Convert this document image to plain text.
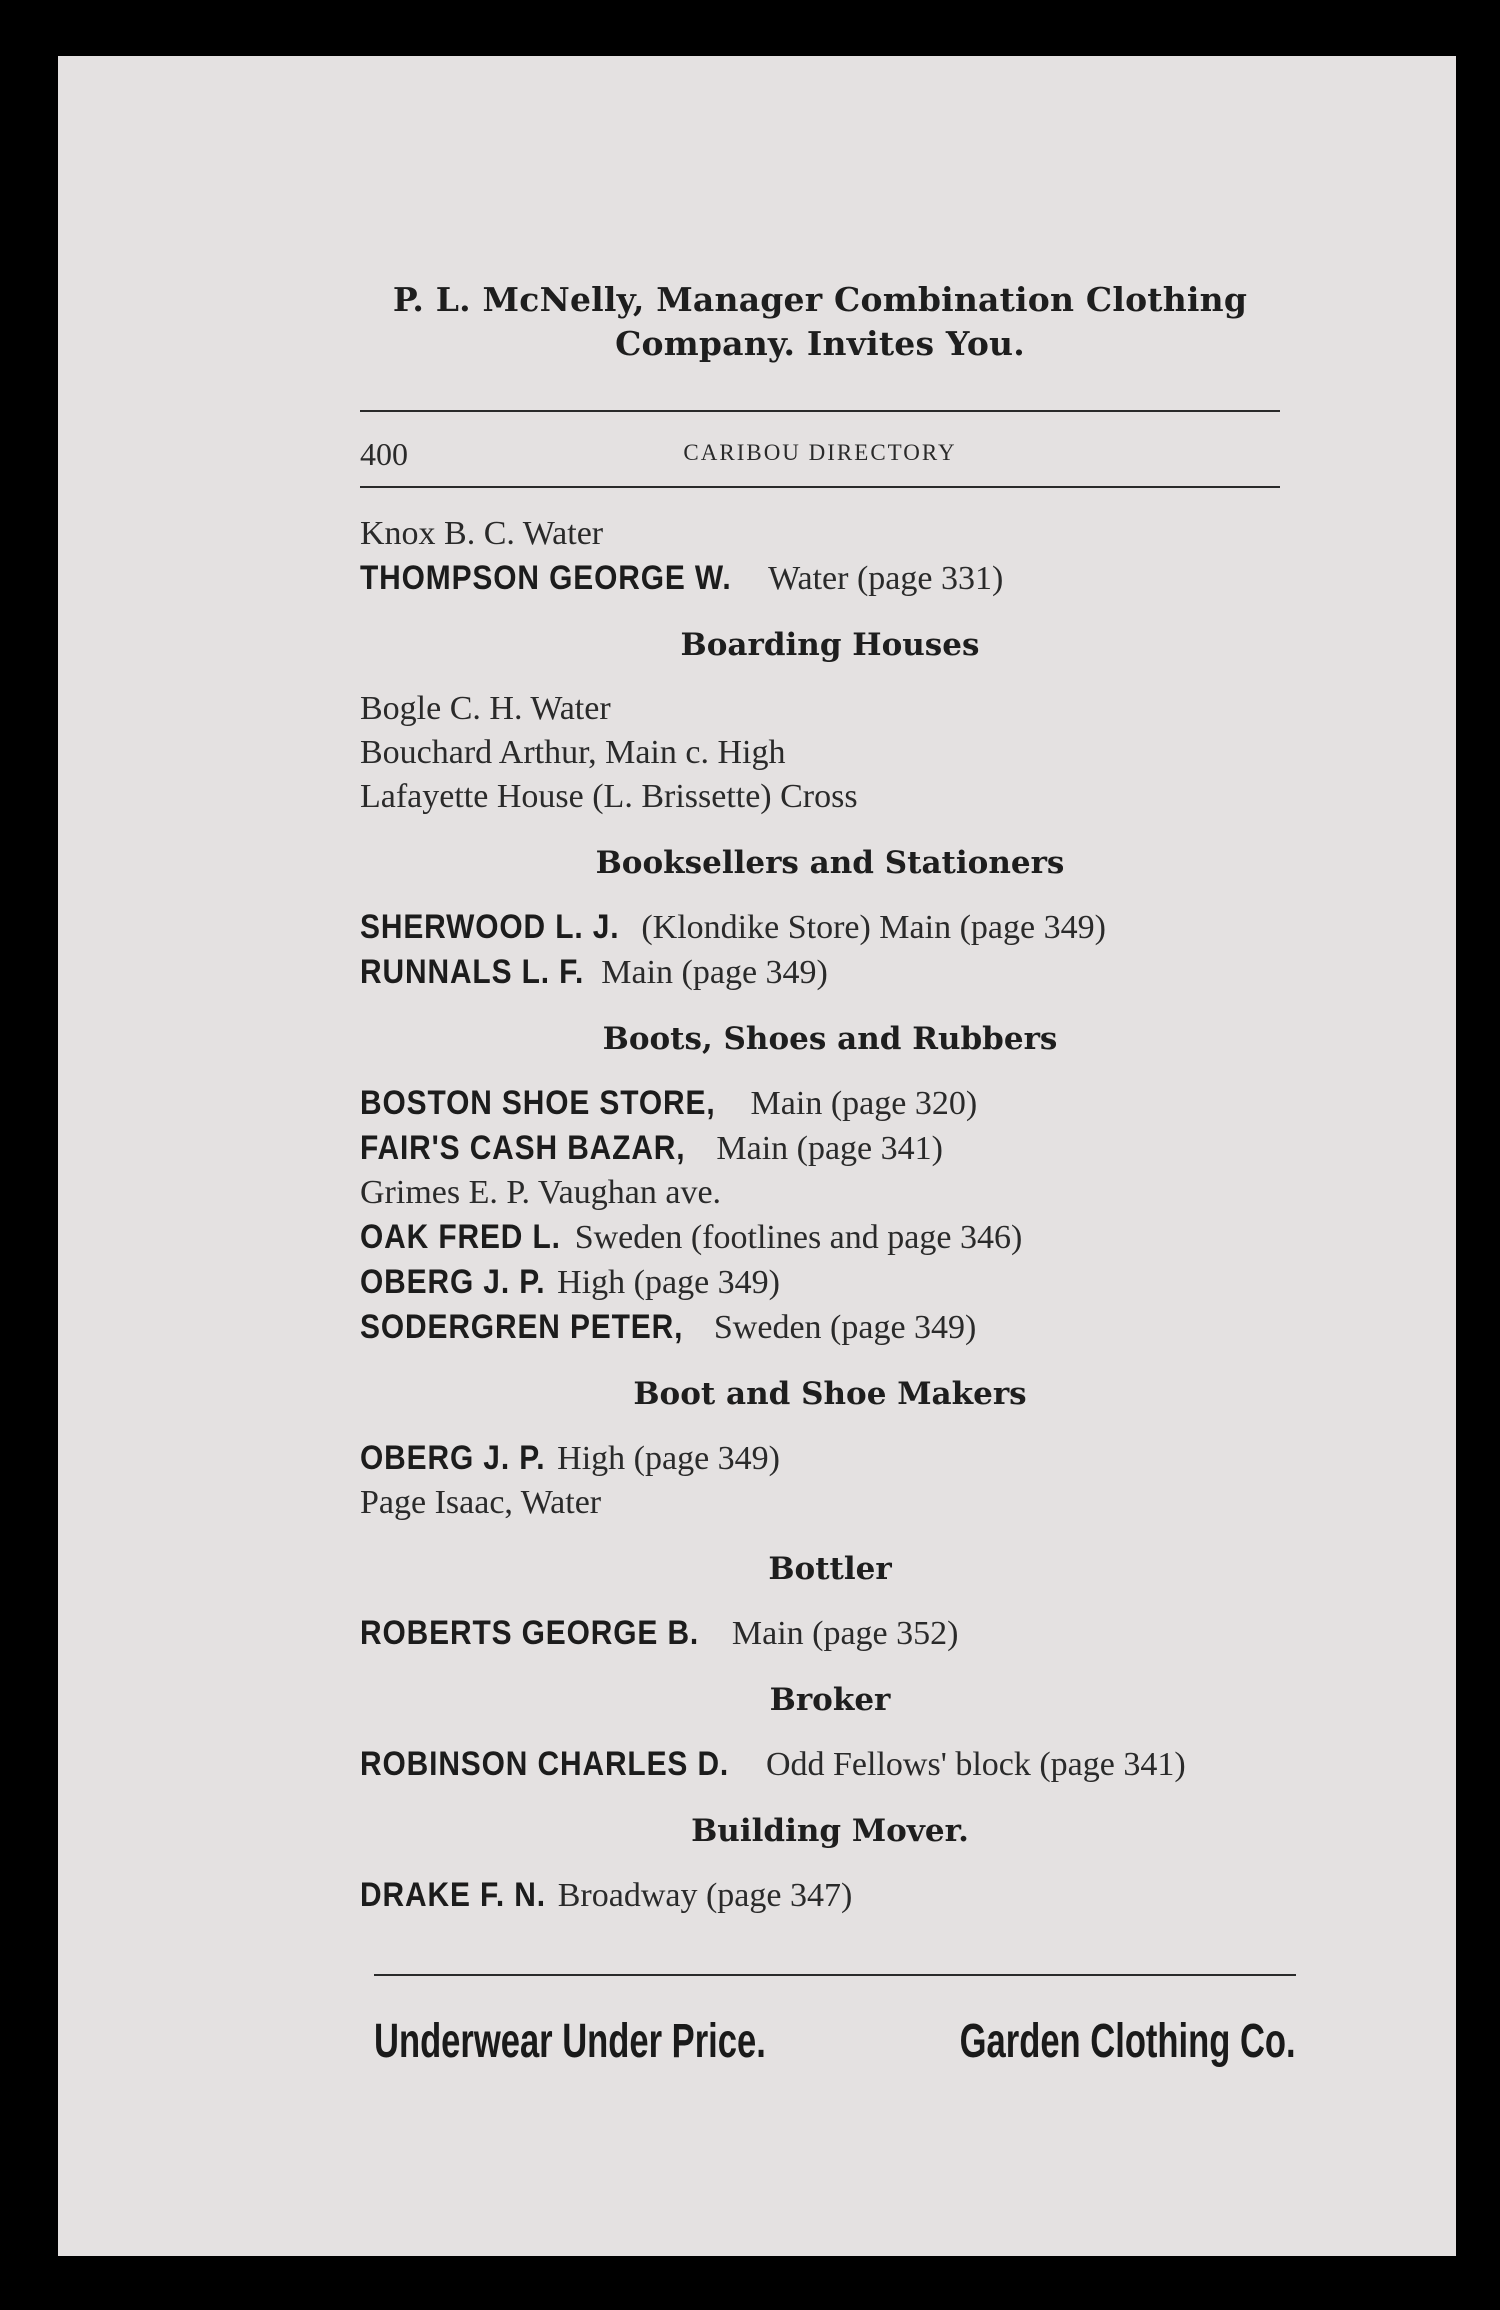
P. L. McNelly, Manager Combination Clothing
Company. Invites You.
400	CARIBOU DIRECTORY
Knox B. C. Water
THOMPSON GEORGE W. Water (page 331)
Boarding Houses
Bogle C. H. Water
Bouchard Arthur, Main c. High
Lafayette House (L. Brissette) Cross
Booksellers and Stationers
SHERWOOD L. J. (Klondike Store) Main (page 349)
RUNNALS L. F. Main (page 349)
Boots, Shoes and Rubbers
BOSTON SHOE STORE, Main (page 320)
FAIR'S CASH BAZAR, Main (page 341)
Grimes E. P. Vaughan ave.
OAK FRED L. Sweden (footlines and page 346)
OBERG J. P. High (page 349)
SODERGREN PETER, Sweden (page 349)
Boot and Shoe Makers
OBERG J. P. High (page 349)
Page Isaac, Water
Bottler
ROBERTS GEORGE B. Main (page 352)
Broker
ROBINSON CHARLES D. Odd Fellows' block (page 341)
Building Mover.
DRAKE F. N. Broadway (page 347)
Underwear Under Price.	Garden Clothing Co.
